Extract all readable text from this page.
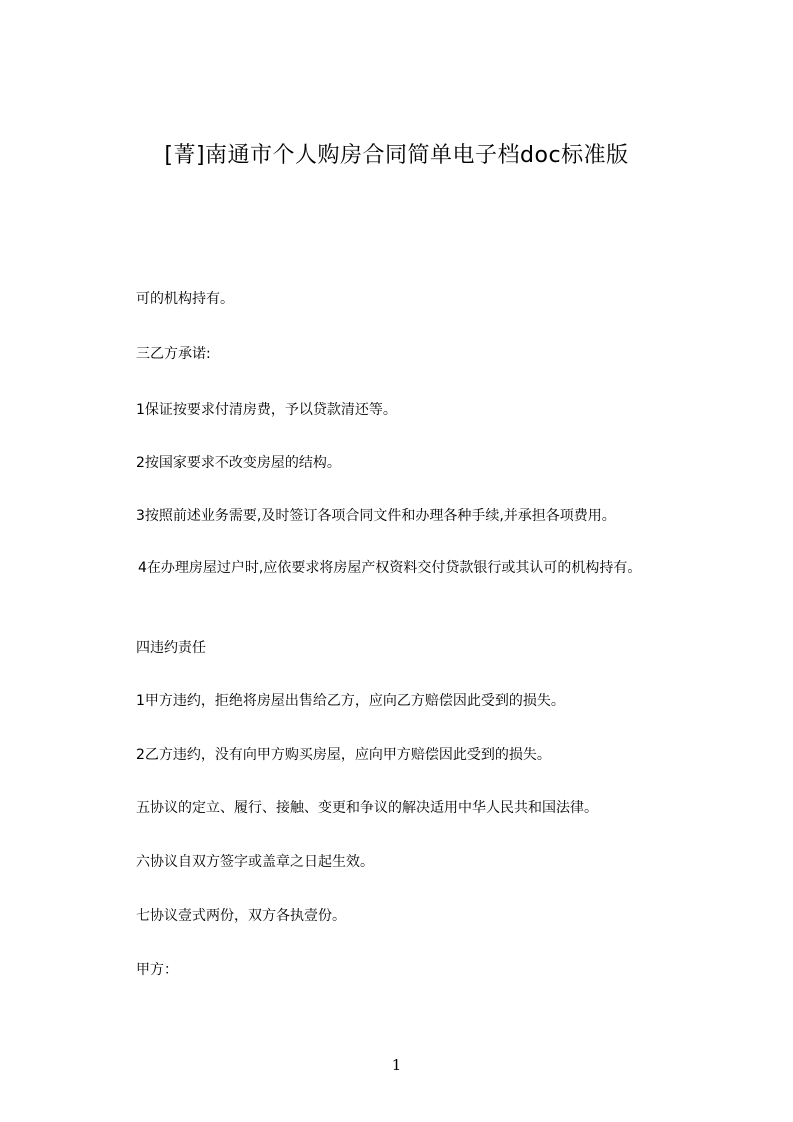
[菁]南通市个人购房合同简单电子档doc标准版
可的机构持有。
三乙方承诺:
1保证按要求付清房费，予以贷款清还等。
2按国家要求不改变房屋的结构。
3按照前述业务需要,及时签订各项合同文件和办理各种手续,并承担各项费用。
4在办理房屋过户时,应依要求将房屋产权资料交付贷款银行或其认可的机构持有。
四违约责任
1甲方违约，拒绝将房屋出售给乙方，应向乙方赔偿因此受到的损失。
2乙方违约，没有向甲方购买房屋，应向甲方赔偿因此受到的损失。
五协议的定立、履行、接触、变更和争议的解决适用中华人民共和国法律。
六协议自双方签字或盖章之日起生效。
七协议壹式两份，双方各执壹份。
甲方：
1
